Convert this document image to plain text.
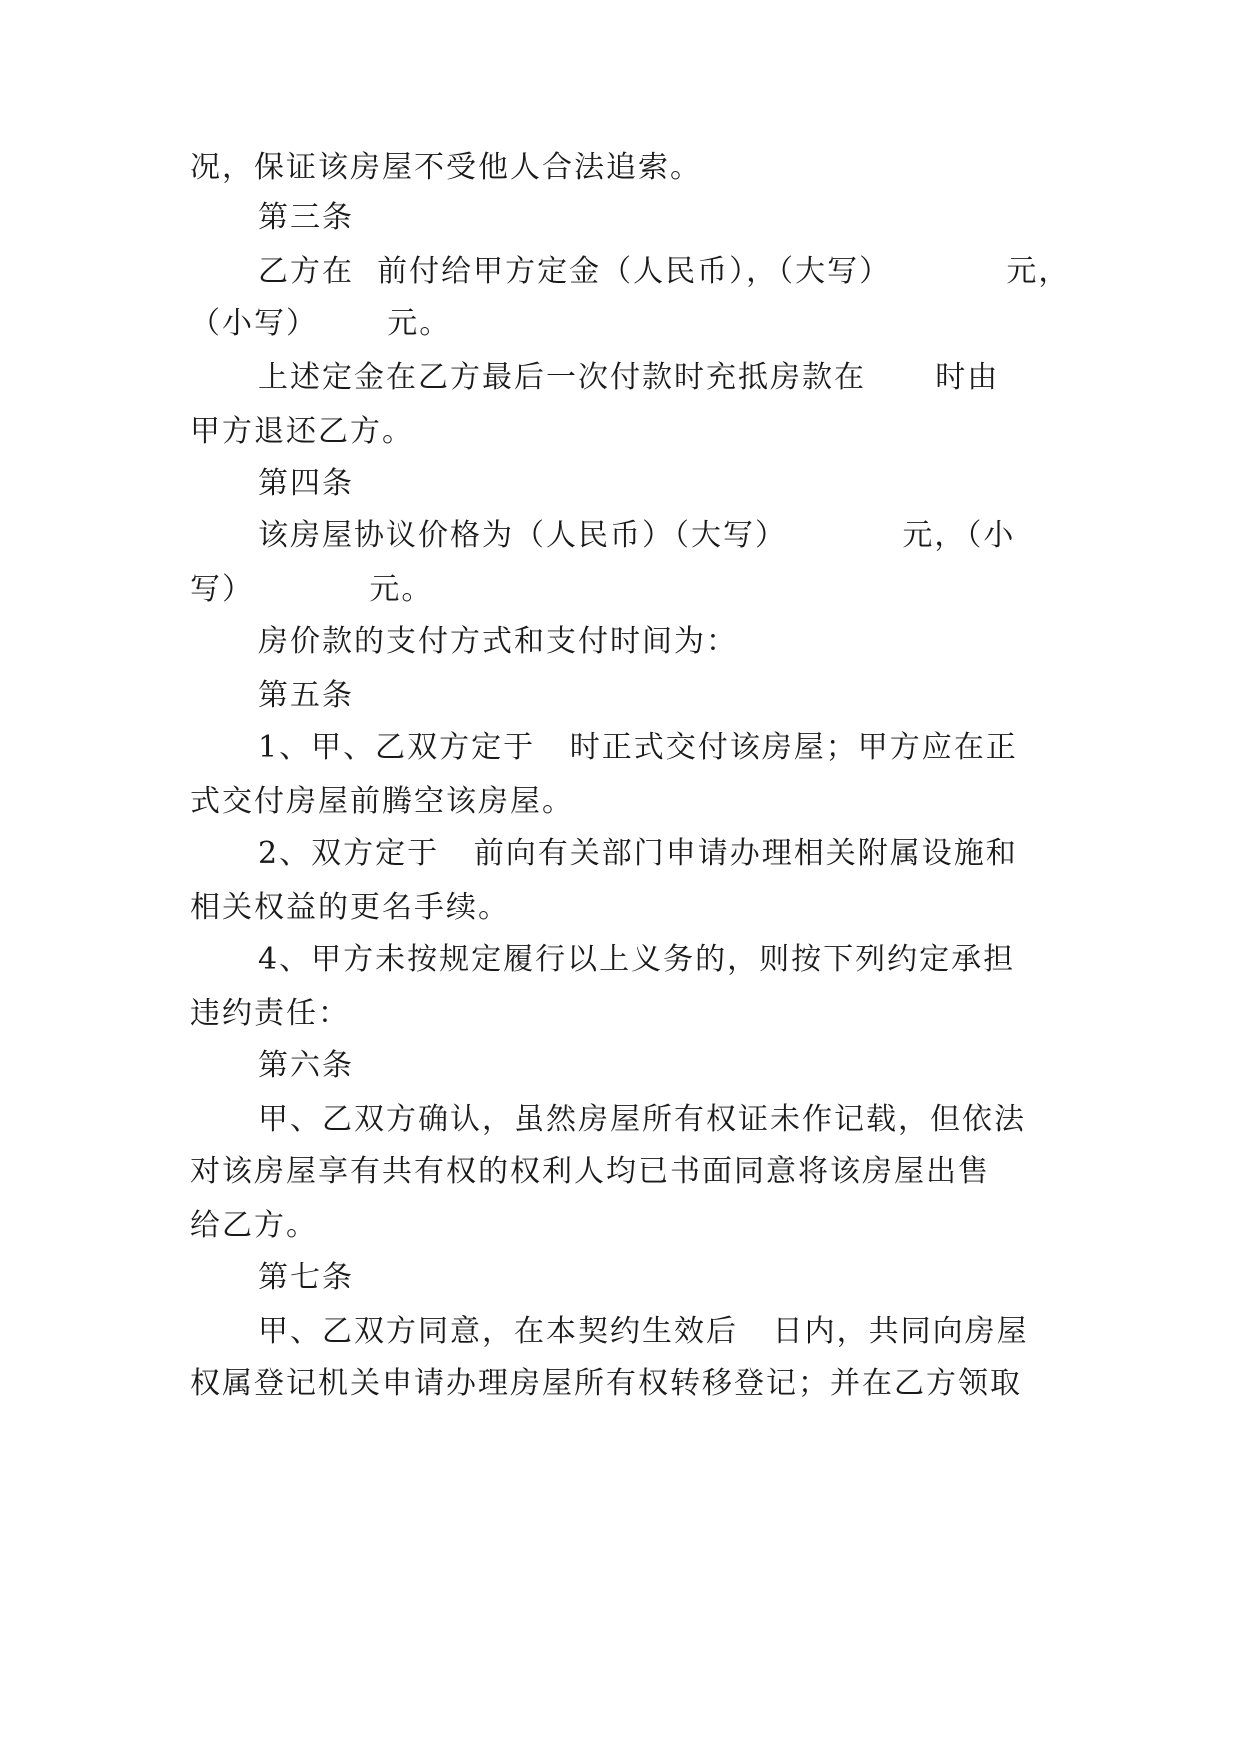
况，保证该房屋不受他人合法追索。
第三条
乙方在  前付给甲方定金（人民币），（大写）          元，
（小写）      元。
上述定金在乙方最后一次付款时充抵房款在      时由
甲方退还乙方。
第四条
该房屋协议价格为（人民币）（大写）          元，（小
写）          元。
房价款的支付方式和支付时间为：
第五条
1、甲、乙双方定于   时正式交付该房屋；甲方应在正
式交付房屋前腾空该房屋。
2、双方定于   前向有关部门申请办理相关附属设施和
相关权益的更名手续。
4、甲方未按规定履行以上义务的，则按下列约定承担
违约责任：
第六条
甲、乙双方确认，虽然房屋所有权证未作记载，但依法
对该房屋享有共有权的权利人均已书面同意将该房屋出售
给乙方。
第七条
甲、乙双方同意，在本契约生效后   日内，共同向房屋
权属登记机关申请办理房屋所有权转移登记；并在乙方领取
